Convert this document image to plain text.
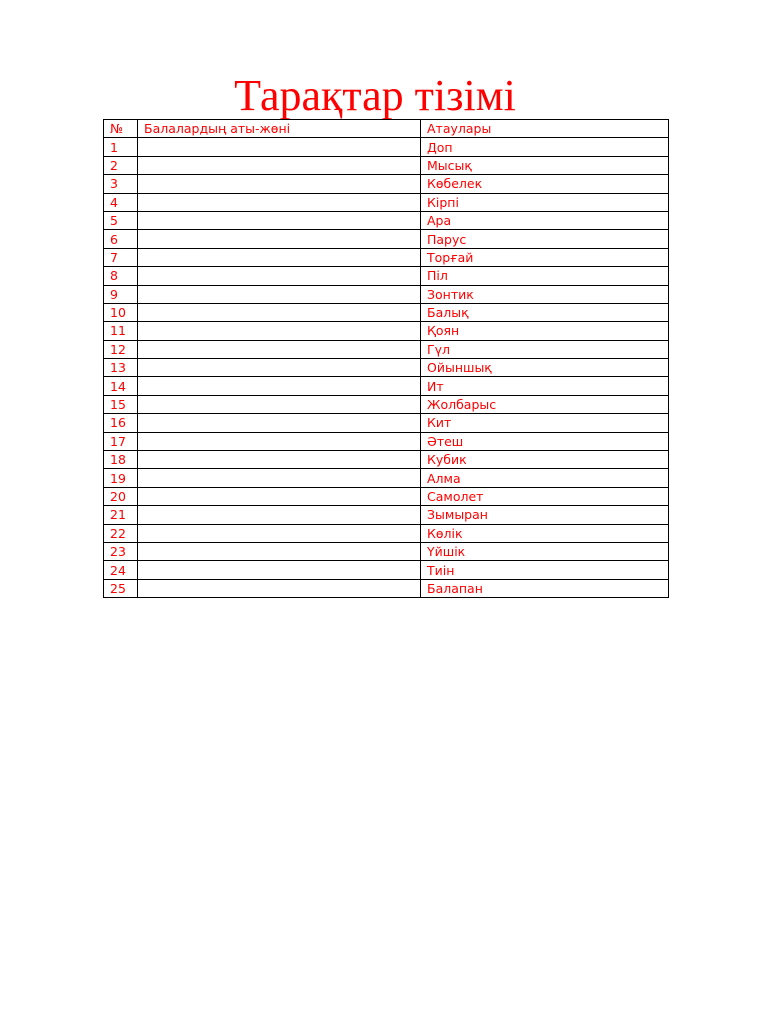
Тарақтар тізімі
№	Балалардың аты-жөні	Атаулары
1		Доп
2		Мысық
3		Көбелек
4		Кірпі
5		Ара
6		Парус
7		Торғай
8		Піл
9		Зонтик
10		Балық
11		Қоян
12		Гүл
13		Ойыншық
14		Ит
15		Жолбарыс
16		Кит
17		Әтеш
18		Кубик
19		Алма
20		Самолет
21		Зымыран
22		Көлік
23		Үйшік
24		Тиін
25		Балапан
